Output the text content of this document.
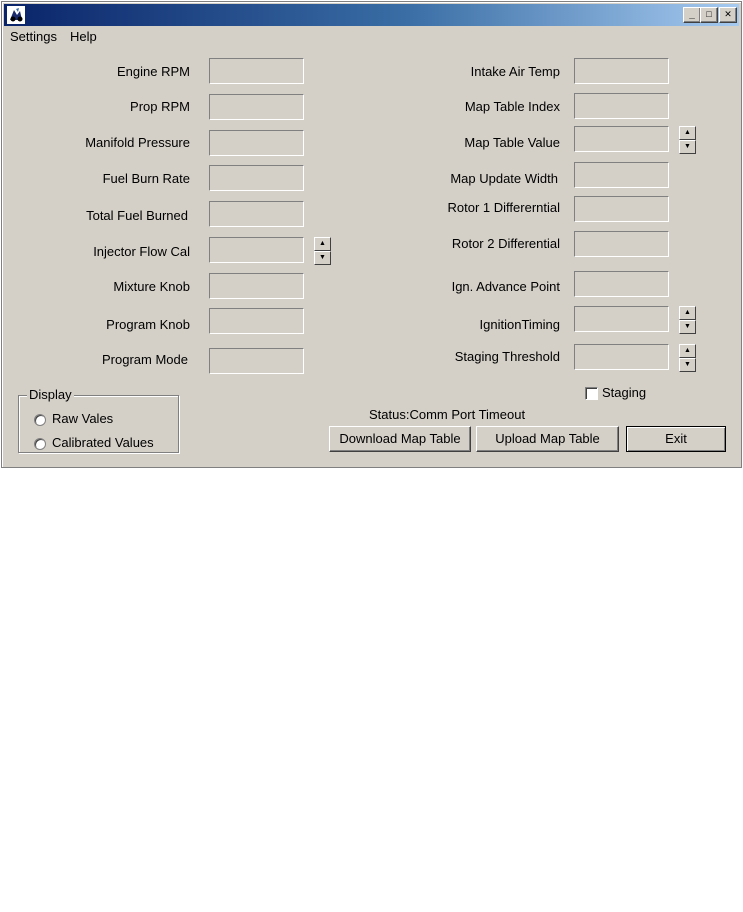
_	□	✕
Settings Help
Engine RPM
Prop RPM
Manifold Pressure
Fuel Burn Rate
Total Fuel Burned
Injector Flow Cal
▲
▼
Mixture Knob
Program Knob
Program Mode
Intake Air Temp
Map Table Index
Map Table Value
▲
▼
Map Update Width
Rotor 1 Differerntial
Rotor 2 Differential
Ign. Advance Point
IgnitionTiming
▲
▼
Staging Threshold	▲
▼
Staging
Display
Raw Vales
Calibrated Values
Status:Comm Port Timeout
Download Map Table	Upload Map Table	Exit
